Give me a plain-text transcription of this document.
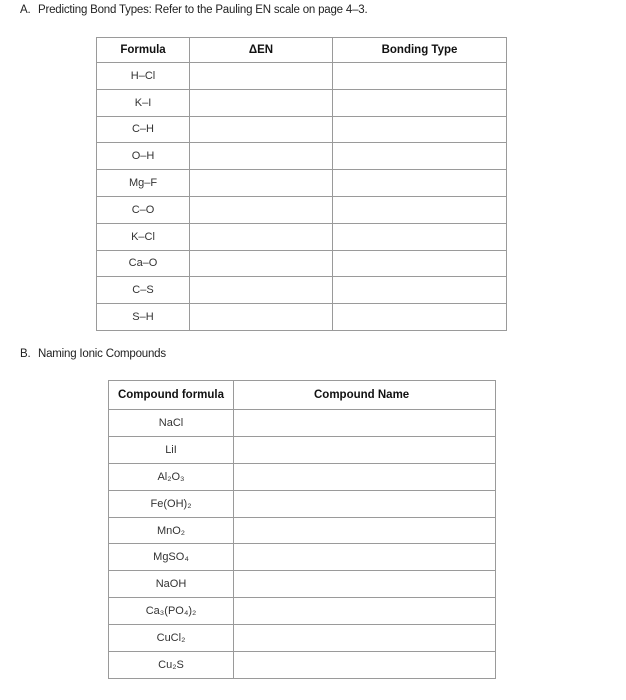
A. Predicting Bond Types: Refer to the Pauling EN scale on page 4–3.
Formula	ΔEN	Bonding Type
H–Cl		
K–I		
C–H		
O–H		
Mg–F		
C–O		
K–Cl		
Ca–O		
C–S		
S–H		
B. Naming Ionic Compounds
Compound formula	Compound Name
NaCl	
LiI	
Al₂O₃	
Fe(OH)₂	
MnO₂	
MgSO₄	
NaOH	
Ca₃(PO₄)₂	
CuCl₂	
Cu₂S	
